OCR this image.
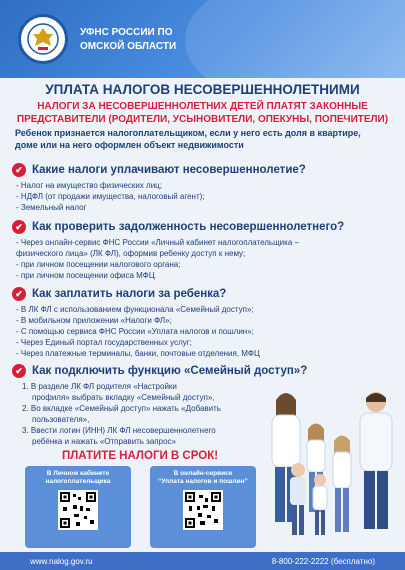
УФНС РОССИИ ПО
ОМСКОЙ ОБЛАСТИ
УПЛАТА НАЛОГОВ НЕСОВЕРШЕННОЛЕТНИМИ
НАЛОГИ ЗА НЕСОВЕРШЕННОЛЕТНИХ ДЕТЕЙ ПЛАТЯТ ЗАКОННЫЕ
ПРЕДСТАВИТЕЛИ (РОДИТЕЛИ, УСЫНОВИТЕЛИ, ОПЕКУНЫ, ПОПЕЧИТЕЛИ)
Ребенок признается налогоплательщиком, если у него есть доля в квартире,
доме или на него оформлен объект недвижимости
✔ Какие налоги уплачивают несовершеннолетие?
- Налог на имущество физических лиц;
- НДФЛ (от продажи имущества, налоговый агент);
- Земельный налог
✔ Как проверить задолженность несовершеннолетнего?
- Через онлайн-сервис ФНС России «Личный кабинет налогоплательщика –
физического лица» (ЛК ФЛ), оформив ребенку доступ к нему;
- при личном посещении налогового органа;
- при личном посещении офиса МФЦ
✔ Как заплатить налоги за ребенка?
- В ЛК ФЛ с использованием функционала «Семейный доступ»;
- В мобильном приложении «Налоги ФЛ»;
- С помощью сервиса ФНС России «Уплата налогов и пошлин»;
- Через Единый портал государственных услуг;
- Через платежные терминалы, банки, почтовые отделения, МФЦ
✔ Как подключить функцию «Семейный доступ»?
1. В разделе ЛК ФЛ родителя «Настройки
профиля» выбрать вкладку «Семейный доступ»,
2. Во вкладке «Семейный доступ» нажать «Добавить
пользователя»,
3. Ввести логин (ИНН) ЛК ФЛ несовершеннолетнего
ребёнка и нажать «Отправить запрос»
ПЛАТИТЕ НАЛОГИ В СРОК!
В Личном кабинете
налогоплательщика
В онлайн-сервисе
“Уплата налогов и пошлин”
www.nalog.gov.ru	8-800-222-2222 (бесплатно)
